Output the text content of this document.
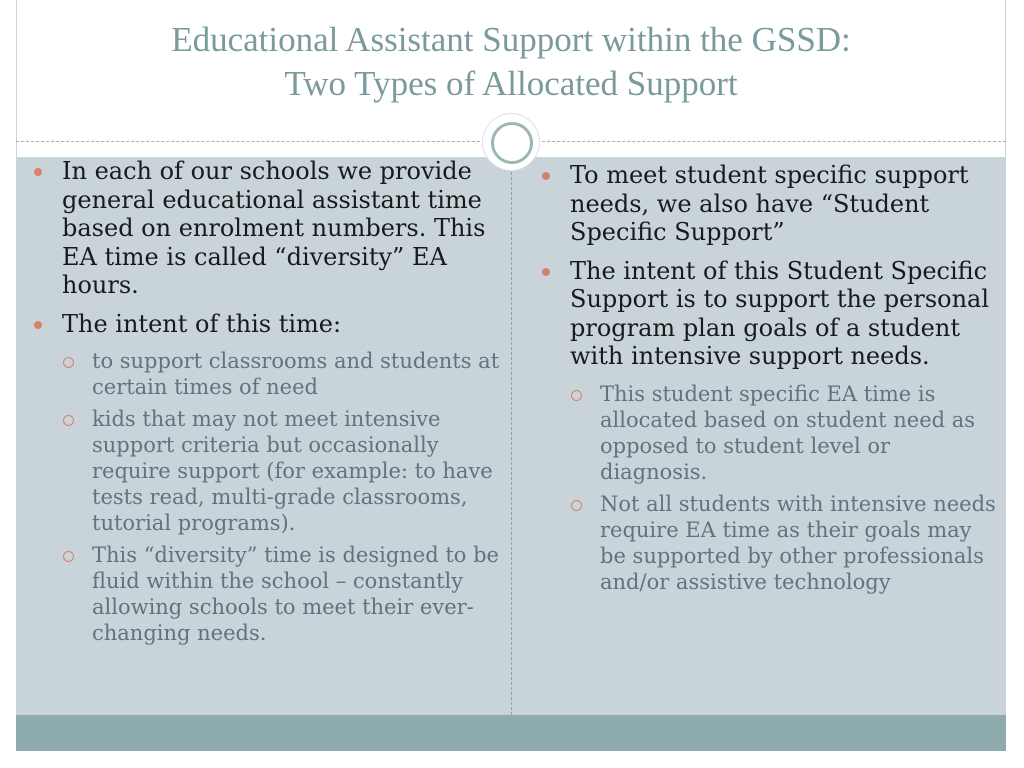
Educational Assistant Support within the GSSD:
Two Types of Allocated Support
In each of our schools we provide general educational assistant time based on enrolment numbers. This EA time is called “diversity” EA hours.
The intent of this time:
to support classrooms and students at certain times of need
kids that may not meet intensive support criteria but occasionally require support (for example: to have tests read, multi-grade classrooms, tutorial programs).
This “diversity” time is designed to be fluid within the school – constantly allowing schools to meet their ever-changing needs.
To meet student specific support needs, we also have “Student Specific Support”
The intent of this Student Specific Support is to support the personal program plan goals of a student with intensive support needs.
This student specific EA time is allocated based on student need as opposed to student level or diagnosis.
Not all students with intensive needs require EA time as their goals may be supported by other professionals and/or assistive technology
